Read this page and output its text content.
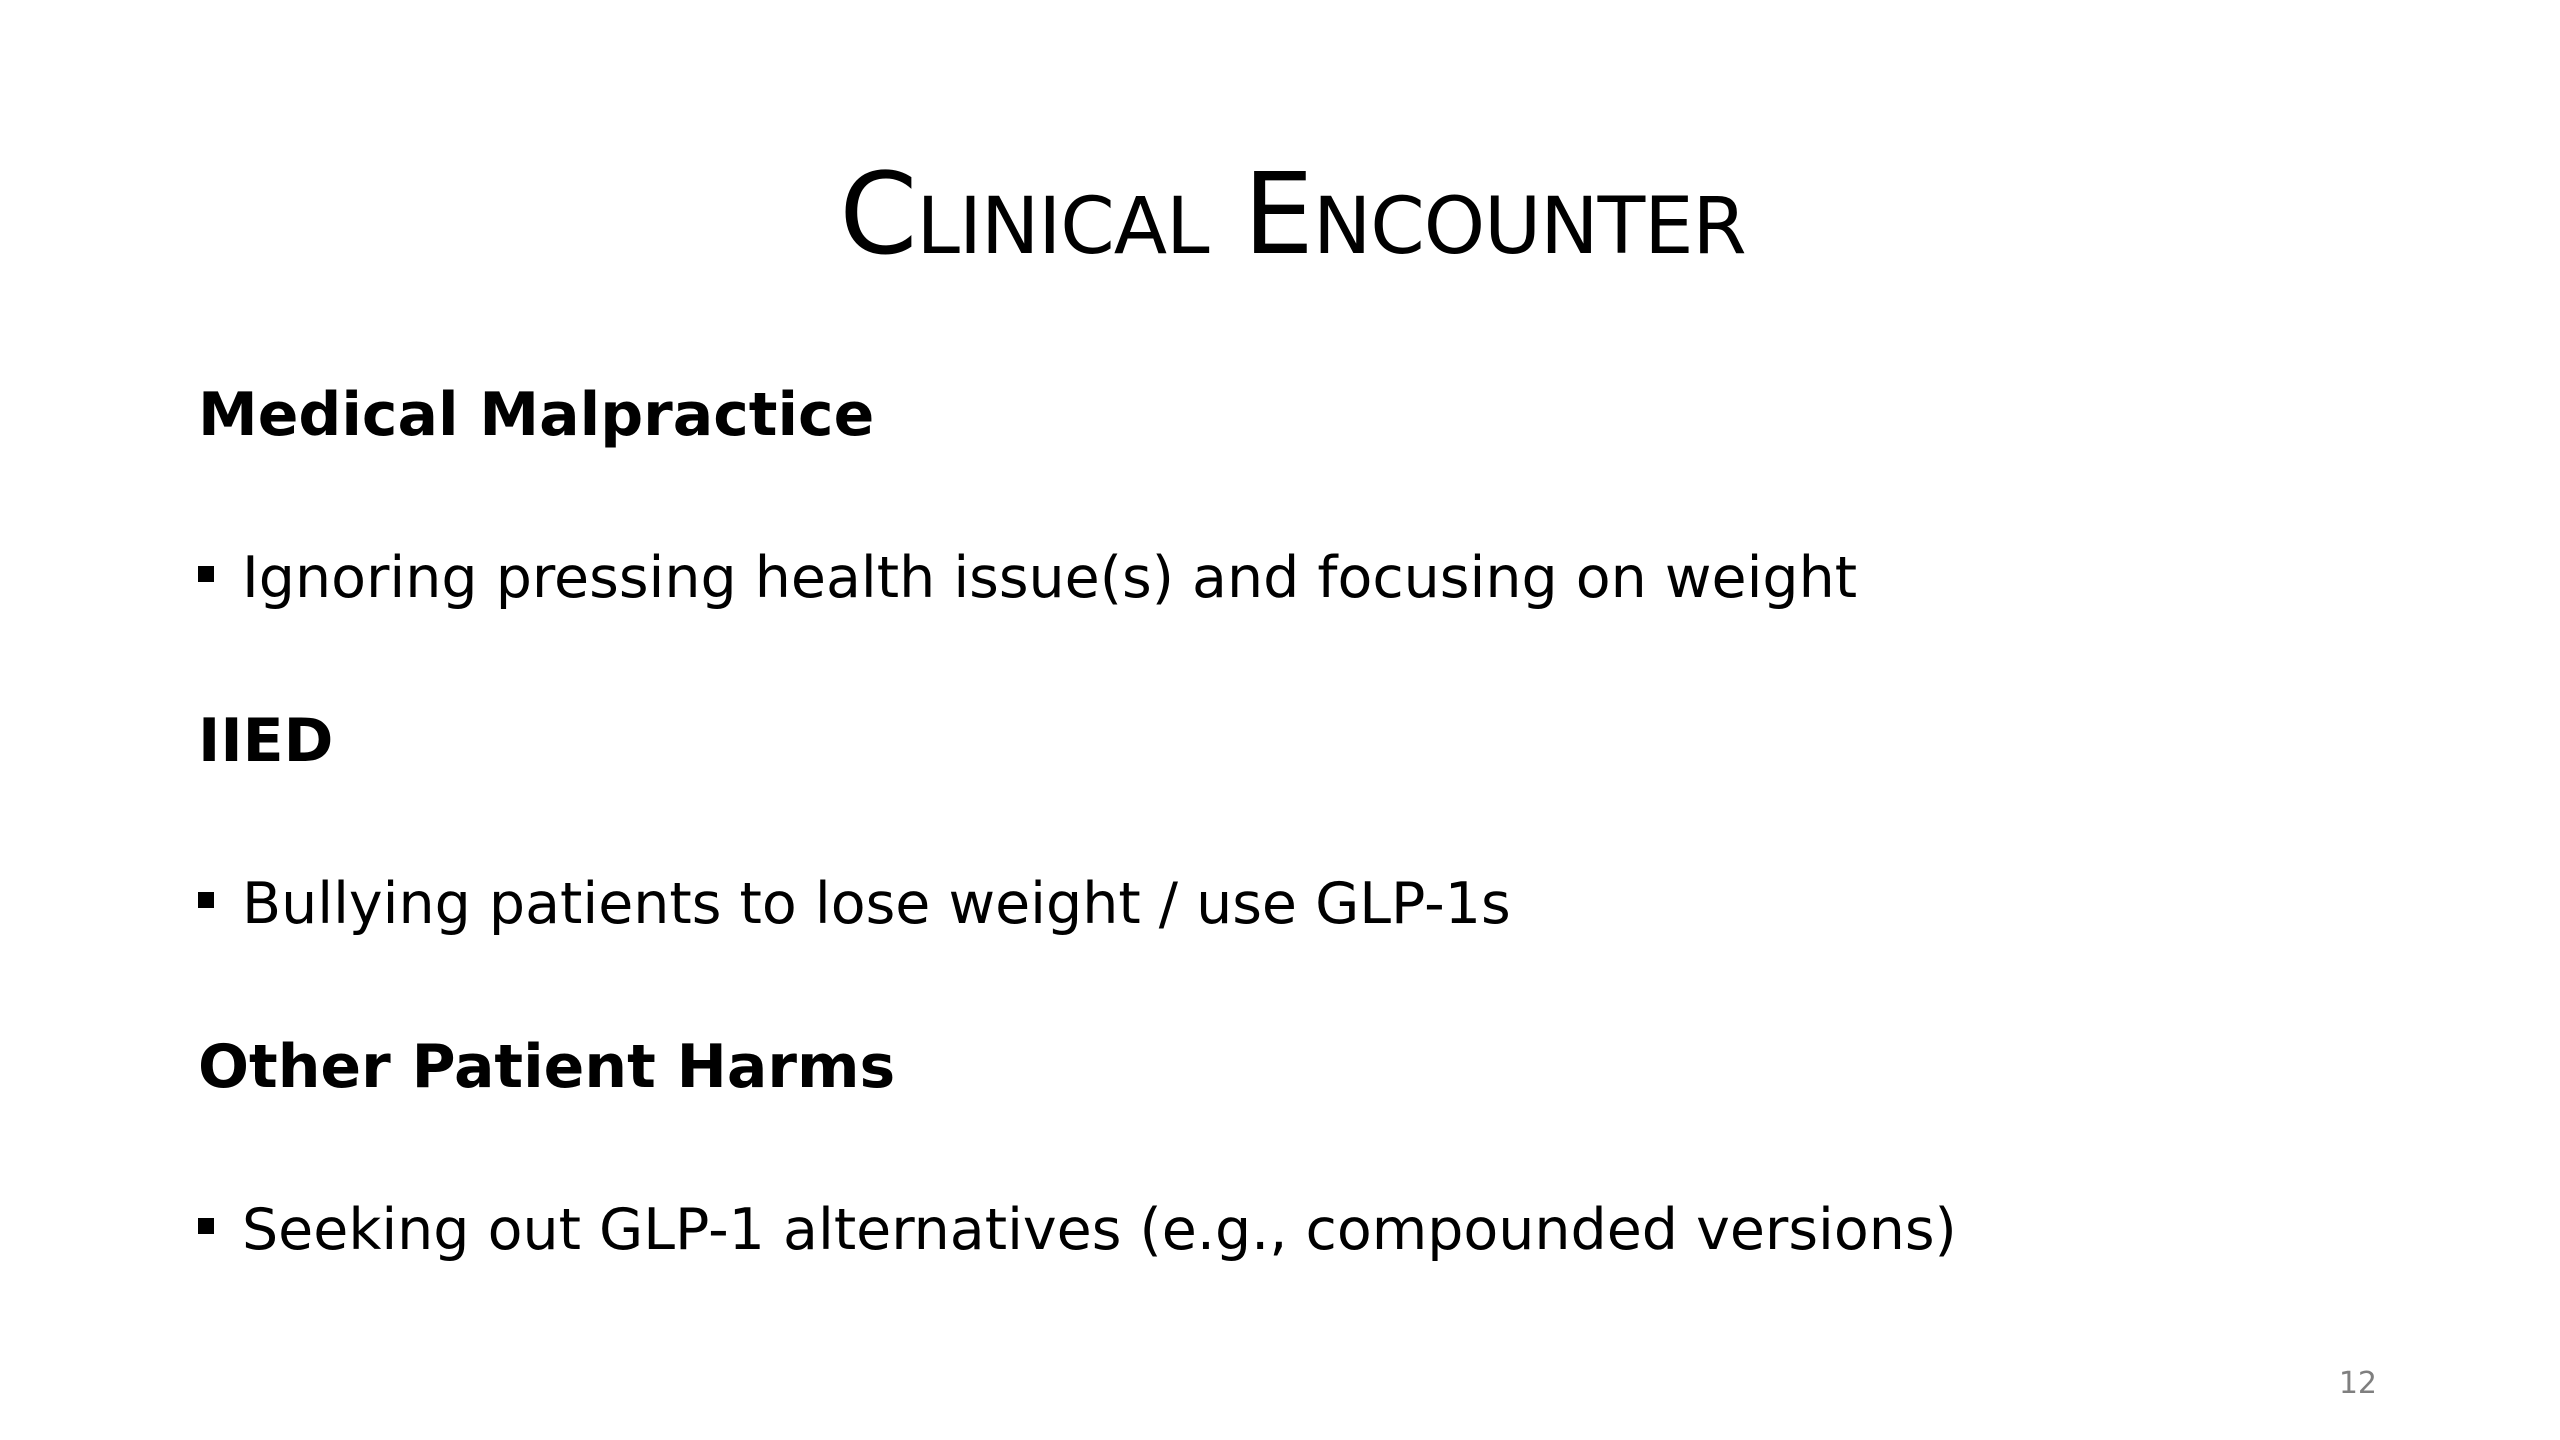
Clinical Encounter
Medical Malpractice
Ignoring pressing health issue(s) and focusing on weight
IIED
Bullying patients to lose weight / use GLP-1s
Other Patient Harms
Seeking out GLP-1 alternatives (e.g., compounded versions)
12
